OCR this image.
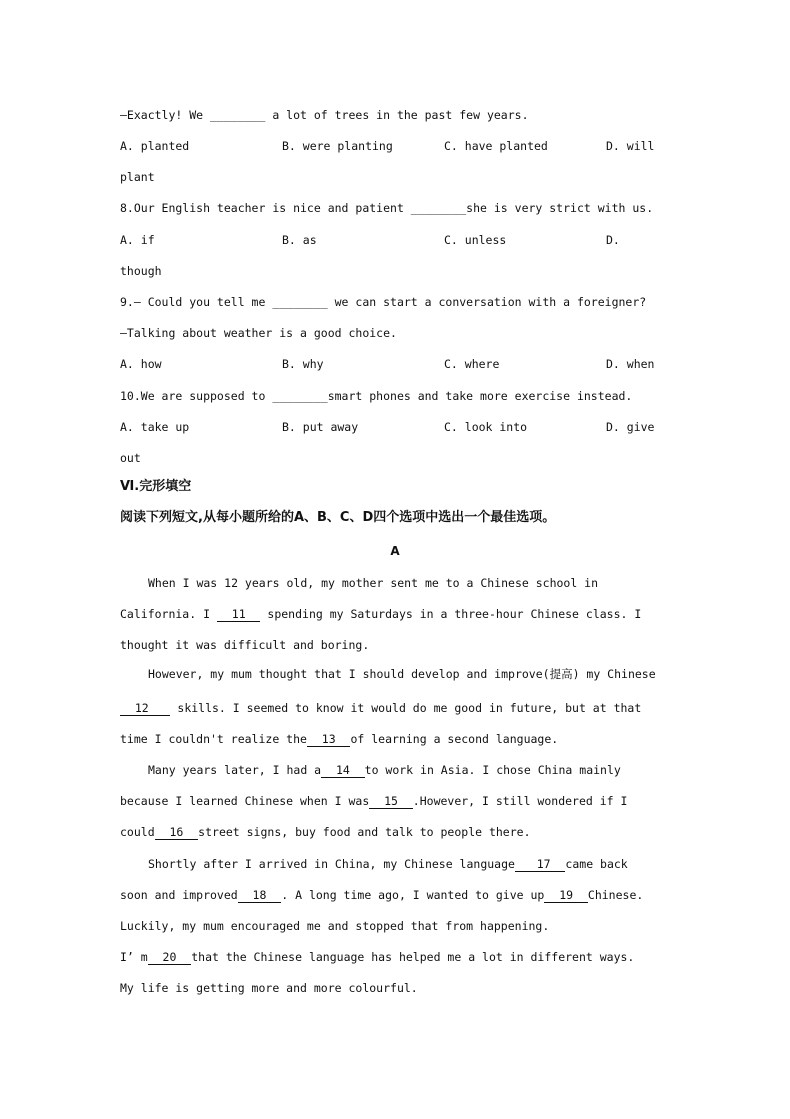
—Exactly! We ________ a lot of trees in the past few years.
A. planted	B. were planting	C. have planted	D. will
plant
8.Our English teacher is nice and patient ________she is very strict with us.
A. if	B. as	C. unless	D.
though
9.— Could you tell me ________ we can start a conversation with a foreigner?
—Talking about weather is a good choice.
A. how	B. why	C. where	D. when
10.We are supposed to ________smart phones and take more exercise instead.
A. take up	B. put away	C. look into	D. give
out
Ⅵ.完形填空
阅读下列短文,从每小题所给的A、B、C、D四个选项中选出一个最佳选项。
A
When I was 12 years old, my mother sent me to a Chinese school in
California. I   11   spending my Saturdays in a three-hour Chinese class. I
thought it was difficult and boring.
However, my mum thought that I should develop and improve(提高) my Chinese
12    skills. I seemed to know it would do me good in future, but at that
time I couldn't realize the  13  of learning a second language.
Many years later, I had a  14  to work in Asia. I chose China mainly
because I learned Chinese when I was  15  .However, I still wondered if I
could  16  street signs, buy food and talk to people there.
Shortly after I arrived in China, my Chinese language   17  came back
soon and improved  18  . A long time ago, I wanted to give up  19  Chinese.
Luckily, my mum encouraged me and stopped that from happening.
I’ m  20  that the Chinese language has helped me a lot in different ways.
My life is getting more and more colourful.
